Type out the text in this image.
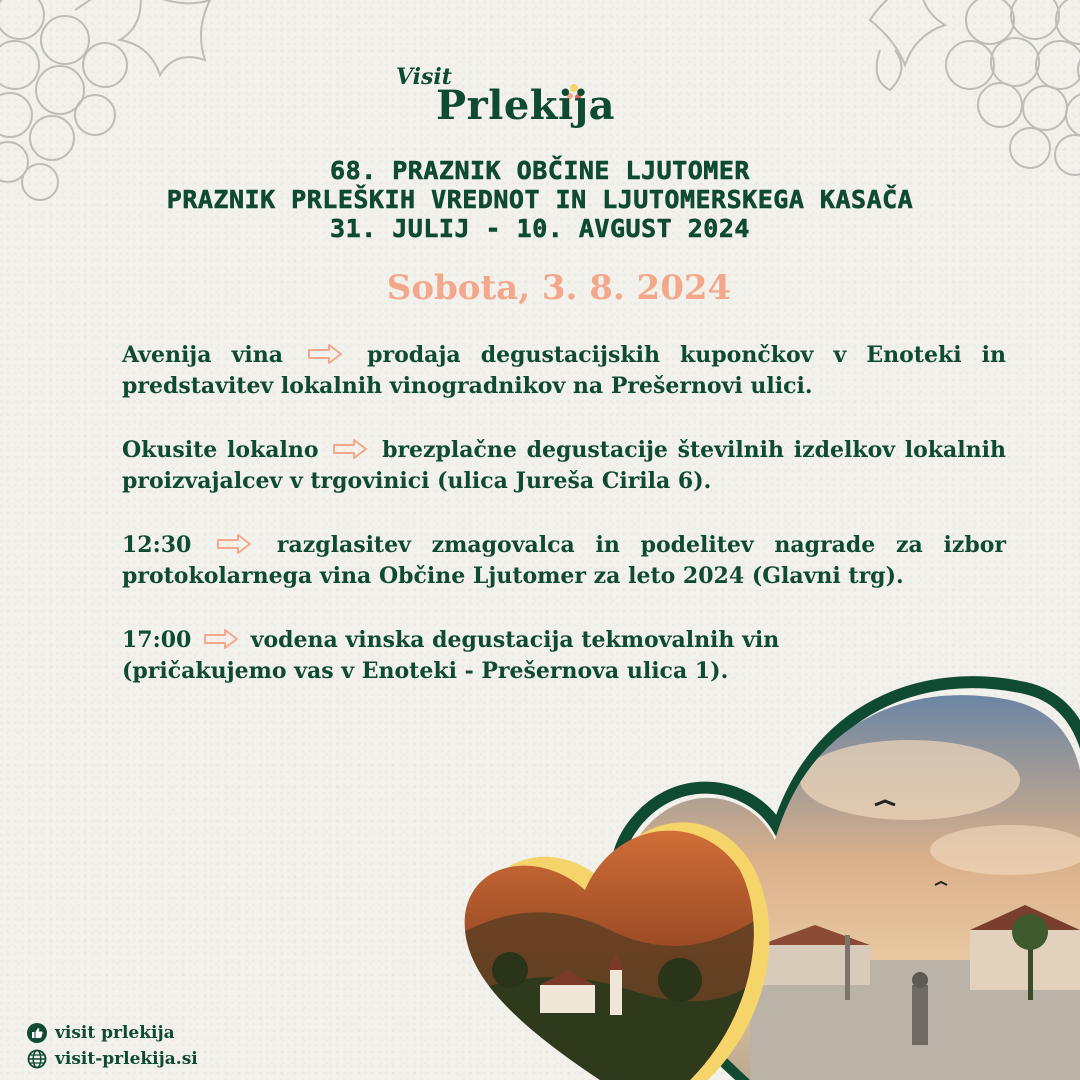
Visit
Prlekija
68. PRAZNIK OBČINE LJUTOMER
PRAZNIK PRLEŠKIH VREDNOT IN LJUTOMERSKEGA KASAČA
31. JULIJ - 10. AVGUST 2024
Sobota, 3. 8. 2024
Avenija vina	prodaja degustacijskih kupončkov v Enoteki in predstavitev lokalnih vinogradnikov na Prešernovi ulici.
Okusite lokalno	brezplačne degustacije številnih izdelkov lokalnih proizvajalcev v trgovinici (ulica Jureša Cirila 6).
12:30	razglasitev zmagovalca in podelitev nagrade za izbor protokolarnega vina Občine Ljutomer za leto 2024 (Glavni trg).
17:00	vodena vinska degustacija tekmovalnih vin (pričakujemo vas v Enoteki - Prešernova ulica 1).
visit prlekija
visit-prlekija.si
